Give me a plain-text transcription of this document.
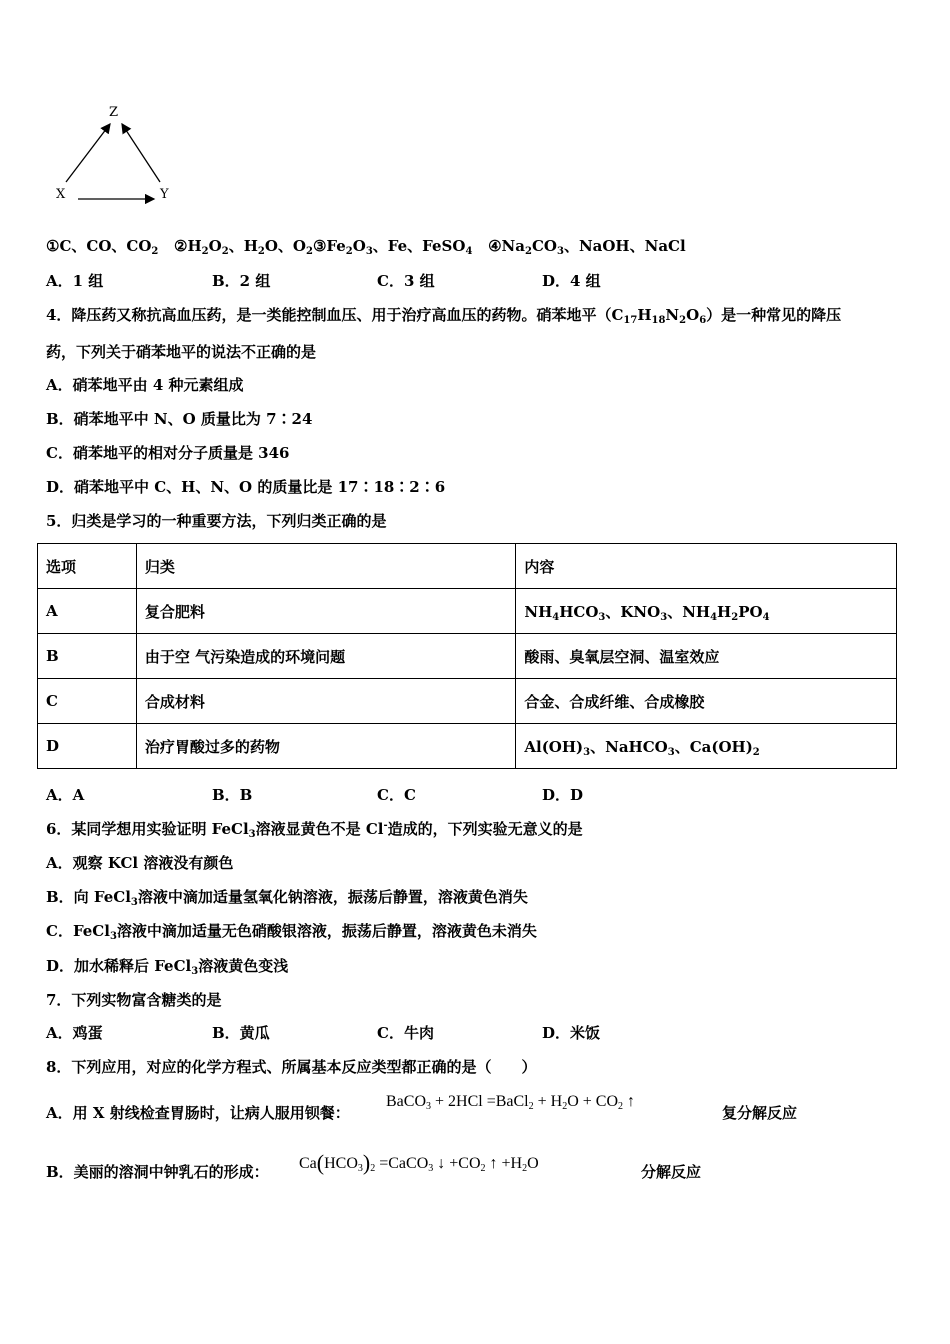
Z
X	Y
①C、CO、$CO_2$ $②H_2O_2$、$H_2O$、$O_2③Fe_2O_3$、Fe、FeSO$_4$ $④Na_2CO_3$、NaOH、NaCl
A．1 组	B．2 组	C．3 组	D．4 组
4．降压药又称抗高血压药，是一类能控制血压、用于治疗高血压的药物。硝苯地平$(C_{17}H_{18}N_2O_6)$是一种常见的降压
药，下列关于硝苯地平的说法不正确的是
A．硝苯地平由 4 种元素组成
B．硝苯地平中 N、O 质量比为 7∶24
C．硝苯地平的相对分子质量是 346
D．硝苯地平中 C、H、N、O 的质量比是 17∶18∶2∶6
5．归类是学习的一种重要方法，下列归类正确的是
选项	归类	内容
A	复合肥料	$NH_4HCO_3$、$KNO_3$、$NH_4H_2PO_4$
B	由于空 气污染造成的环境问题	酸雨、臭氧层空洞、温室效应
C	合成材料	合金、合成纤维、合成橡胶
D	治疗胃酸过多的药物	$Al(OH)_3$、NaHCO$_3$、$Ca(OH)_2$
A．A	B．B	C．C	D．D
6．某同学想用实验证明 FeCl$_3$溶液显黄色不是 Cl-造成的，下列实验无意义的是
A．观察 KCl 溶液没有颜色
B．向 FeCl$_3$溶液中滴加适量氢氧化钠溶液，振荡后静置，溶液黄色消失
C．FeCl$_3$溶液中滴加适量无色硝酸银溶液，振荡后静置，溶液黄色未消失
D．加水稀释后 FeCl$_3$溶液黄色变浅
7．下列实物富含糖类的是
A．鸡蛋	B．黄瓜	C．牛肉	D．米饭
8．下列应用，对应的化学方程式、所属基本反应类型都正确的是（　　）
A．用 X 射线检查胃肠时，让病人服用钡餐：
BaCO$_3$ + 2HCl =BaCl$_2$ + $H_2O + CO_2$ ↑
复分解反应
B．美丽的溶洞中钟乳石的形成： $Ca(HCO_3)_2$ =CaCO$_3$ ↓ $+CO_2$ ↑ $+H_2O$	分解反应
